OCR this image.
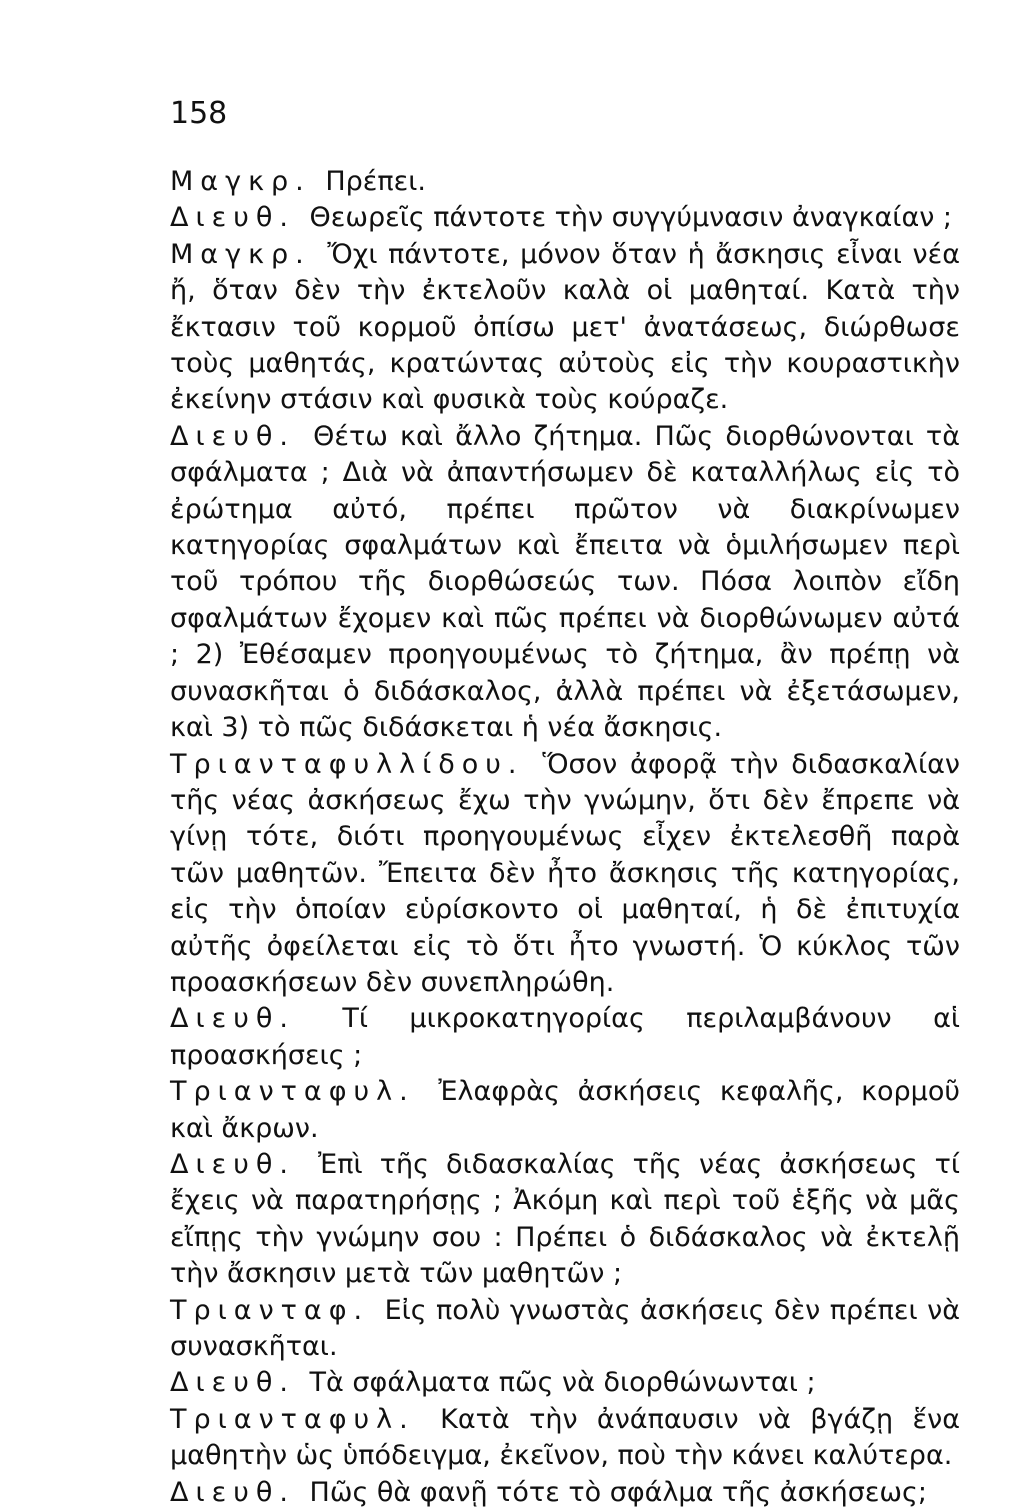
158

Μαγκρ. Πρέπει.

Διευθ. Θεωρεῖς πάντοτε τὴν συγγύμνασιν ἀναγκαίαν ;

Μαγκρ. Ὄχι πάντοτε, μόνον ὅταν ἡ ἄσκησις εἶναι νέα ἤ, ὅταν δὲν τὴν ἐκτελοῦν καλὰ οἱ μαθηταί. Κατὰ τὴν ἔκτασιν τοῦ κορμοῦ ὀπίσω μετ' ἀνατάσεως, διώρθωσε τοὺς μαθητάς, κρατώντας αὐτοὺς εἰς τὴν κουραστικὴν ἐκείνην στάσιν καὶ φυσικὰ τοὺς κούραζε.

Διευθ. Θέτω καὶ ἄλλο ζήτημα. Πῶς διορθώνονται τὰ σφάλματα ; Διὰ νὰ ἀπαντήσωμεν δὲ καταλλήλως εἰς τὸ ἐρώτημα αὐτό, πρέπει πρῶτον νὰ διακρίνωμεν κατηγορίας σφαλμάτων καὶ ἔπειτα νὰ ὁμιλήσωμεν περὶ τοῦ τρόπου τῆς διορθώσεώς των. Πόσα λοιπὸν εἴδη σφαλμάτων ἔχομεν καὶ πῶς πρέπει νὰ διορθώνωμεν αὐτά ; 2) Ἐθέσαμεν προηγουμένως τὸ ζήτημα, ἂν πρέπῃ νὰ συνασκῆται ὁ διδάσκαλος, ἀλλὰ πρέπει νὰ ἐξετάσωμεν, καὶ 3) τὸ πῶς διδάσκεται ἡ νέα ἄσκησις.

Τριανταφυλλίδου. Ὅσον ἀφορᾷ τὴν διδασκαλίαν τῆς νέας ἀσκήσεως ἔχω τὴν γνώμην, ὅτι δὲν ἔπρεπε νὰ γίνῃ τότε, διότι προηγουμένως εἶχεν ἐκτελεσθῆ παρὰ τῶν μαθητῶν. Ἔπειτα δὲν ἦτο ἄσκησις τῆς κατηγορίας, εἰς τὴν ὁποίαν εὑρίσκοντο οἱ μαθηταί, ἡ δὲ ἐπιτυχία αὐτῆς ὀφείλεται εἰς τὸ ὅτι ἦτο γνωστή. Ὁ κύκλος τῶν προασκήσεων δὲν συνεπληρώθη.

Διευθ. Τί μικροκατηγορίας περιλαμβάνουν αἱ προασκήσεις ;

Τριανταφυλ. Ἐλαφρὰς ἀσκήσεις κεφαλῆς, κορμοῦ καὶ ἄκρων.

Διευθ. Ἐπὶ τῆς διδασκαλίας τῆς νέας ἀσκήσεως τί ἔχεις νὰ παρατηρήσῃς ; Ἀκόμη καὶ περὶ τοῦ ἑξῆς νὰ μᾶς εἴπῃς τὴν γνώμην σου : Πρέπει ὁ διδάσκαλος νὰ ἐκτελῇ τὴν ἄσκησιν μετὰ τῶν μαθητῶν ;

Τριανταφ. Εἰς πολὺ γνωστὰς ἀσκήσεις δὲν πρέπει νὰ συνασκῆται.

Διευθ. Τὰ σφάλματα πῶς νὰ διορθώνωνται ;

Τριανταφυλ. Κατὰ τὴν ἀνάπαυσιν νὰ βγάζῃ ἕνα μαθητὴν ὡς ὑπόδειγμα, ἐκεῖνον, ποὺ τὴν κάνει καλύτερα.

Διευθ. Πῶς θὰ φανῇ τότε τὸ σφάλμα τῆς ἀσκήσεως;
